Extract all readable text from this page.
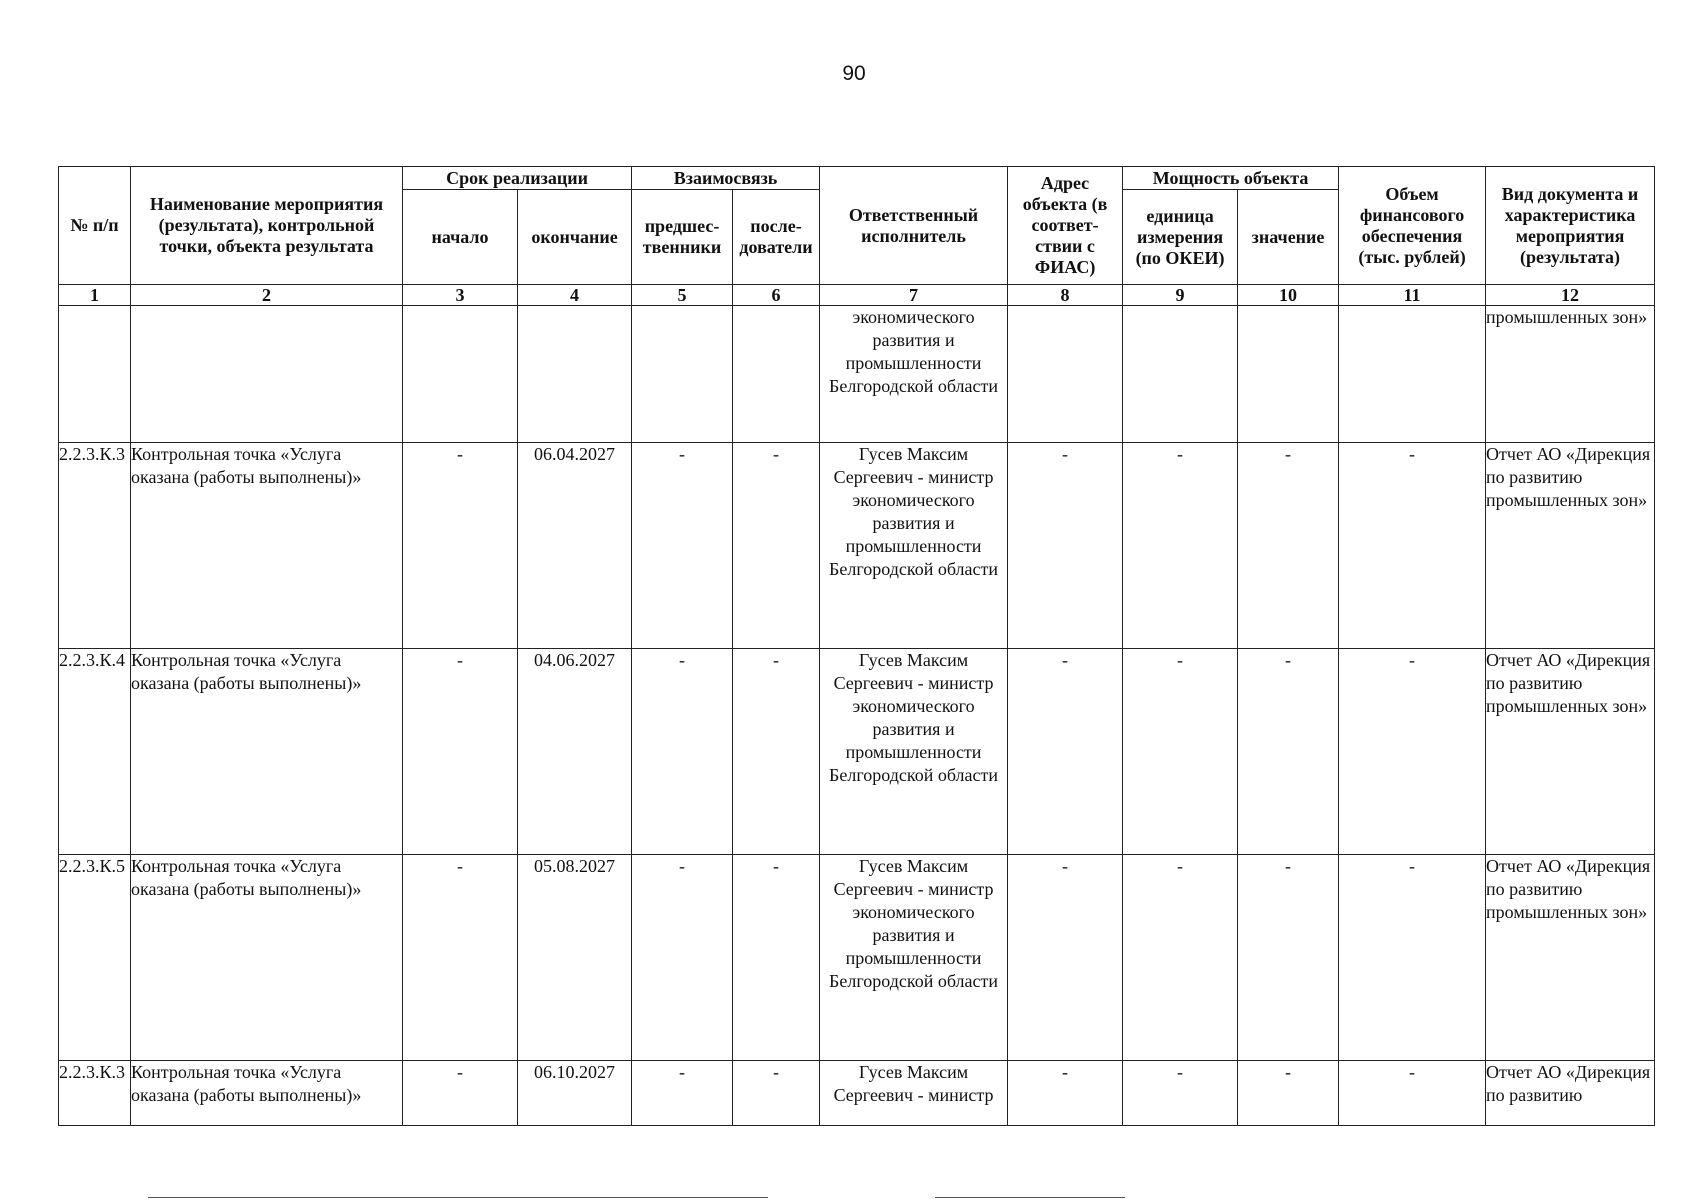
90
№ п/п	Наименование мероприятия (результата), контрольной точки, объекта результата	Срок реализации		Взаимосвязь		Ответственный исполнитель	Адрес объекта (в соответ-ствии с ФИАС)	Мощность объекта		Объем финансового обеспечения (тыс. рублей)	Вид документа и характеристика мероприятия (результата)
		начало	окончание	предшес-твенники	после-дователи			единица измерения (по ОКЕИ)	значение		
1	2	3	4	5	6	7	8	9	10	11	12
						экономического развития и промышленности Белгородской области					промышленных зон»
2.2.3.К.3	Контрольная точка «Услуга оказана (работы выполнены)»	-	06.04.2027	-	-	Гусев Максим Сергеевич - министр экономического развития и промышленности Белгородской области	-	-	-	-	Отчет АО «Дирекция по развитию промышленных зон»
2.2.3.К.4	Контрольная точка «Услуга оказана (работы выполнены)»	-	04.06.2027	-	-	Гусев Максим Сергеевич - министр экономического развития и промышленности Белгородской области	-	-	-	-	Отчет АО «Дирекция по развитию промышленных зон»
2.2.3.К.5	Контрольная точка «Услуга оказана (работы выполнены)»	-	05.08.2027	-	-	Гусев Максим Сергеевич - министр экономического развития и промышленности Белгородской области	-	-	-	-	Отчет АО «Дирекция по развитию промышленных зон»
2.2.3.К.3	Контрольная точка «Услуга оказана (работы выполнены)»	-	06.10.2027	-	-	Гусев Максим Сергеевич - министр	-	-	-	-	Отчет АО «Дирекция по развитию
